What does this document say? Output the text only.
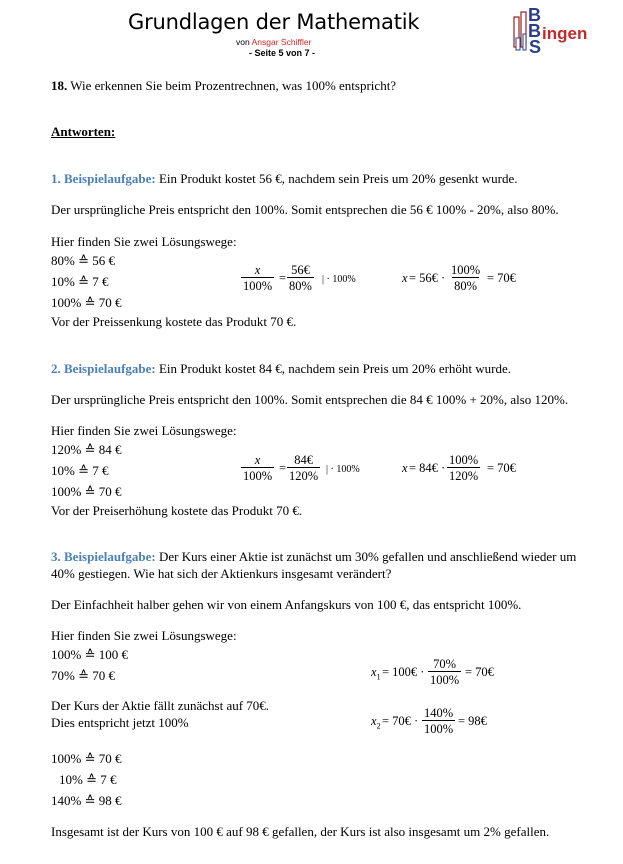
Grundlagen der Mathematik
von Ansgar Schiffler
- Seite 5 von 7 -
B
B
S
ingen
18. Wie erkennen Sie beim Prozentrechnen, was 100% entspricht?
Antworten:
1. Beispielaufgabe: Ein Produkt kostet 56 €, nachdem sein Preis um 20% gesenkt wurde.
Der ursprüngliche Preis entspricht den 100%. Somit entsprechen die 56 € 100% - 20%, also 80%.
Hier finden Sie zwei Lösungswege:
80% ≙ 56 €
10% ≙ 7 €
100% ≙ 70 €
Vor der Preissenkung kostete das Produkt 70 €.
$\frac{x}{100\%} = \frac{56€}{80\%}$ | · 100%	x = 56€ · $\frac{100\%}{80\%}$ = 70€
2. Beispielaufgabe: Ein Produkt kostet 84 €, nachdem sein Preis um 20% erhöht wurde.
Der ursprüngliche Preis entspricht den 100%. Somit entsprechen die 84 € 100% + 20%, also 120%.
Hier finden Sie zwei Lösungswege:
120% ≙ 84 €
10% ≙ 7 €
100% ≙ 70 €
Vor der Preiserhöhung kostete das Produkt 70 €.
$\frac{x}{100\%} = \frac{84€}{120\%}$ | · 100%	x = 84€ · $\frac{100\%}{120\%}$ = 70€
3. Beispielaufgabe: Der Kurs einer Aktie ist zunächst um 30% gefallen und anschließend wieder um
40% gestiegen. Wie hat sich der Aktienkurs insgesamt verändert?
Der Einfachheit halber gehen wir von einem Anfangskurs von 100 €, das entspricht 100%.
Hier finden Sie zwei Lösungswege:
100% ≙ 100 €
70% ≙ 70 €
Der Kurs der Aktie fällt zunächst auf 70€.
Dies entspricht jetzt 100%
100% ≙ 70 €
10% ≙ 7 €
140% ≙ 98 €
Insgesamt ist der Kurs von 100 € auf 98 € gefallen, der Kurs ist also insgesamt um 2% gefallen.
$x_1$ = 100€ · $\frac{70\%}{100\%}$ = 70€
$x_2$ = 70€ · $\frac{140\%}{100\%}$ = 98€
